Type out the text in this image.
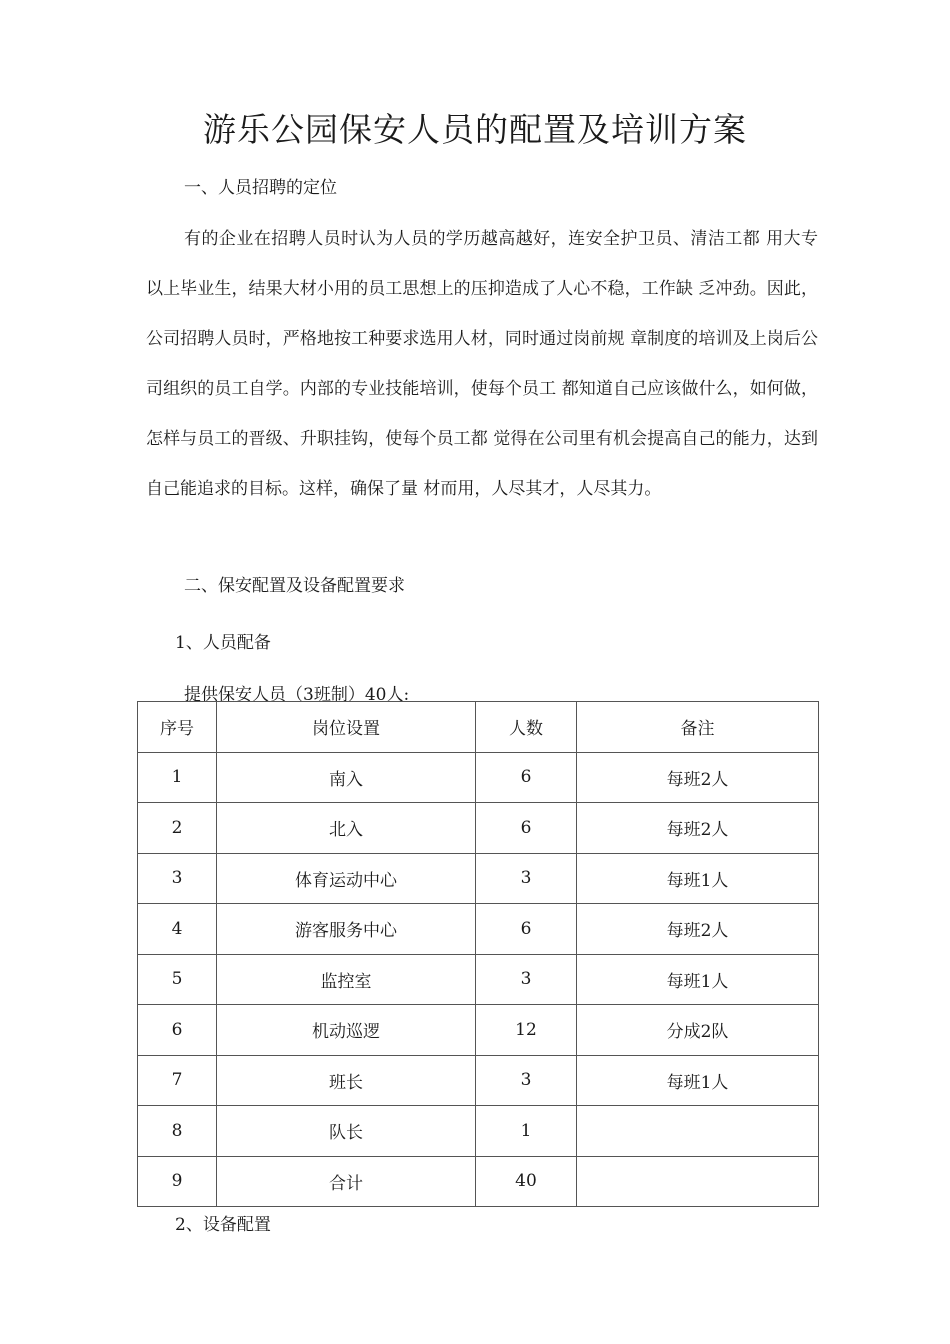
游乐公园保安人员的配置及培训方案
一、人员招聘的定位

有的企业在招聘人员时认为人员的学历越高越好，连安全护卫员、清洁工都 用大专以上毕业生，结果大材小用的员工思想上的压抑造成了人心不稳，工作缺 乏冲劲。因此，公司招聘人员时，严格地按工种要求选用人材，同时通过岗前规 章制度的培训及上岗后公司组织的员工自学。内部的专业技能培训，使每个员工 都知道自己应该做什么，如何做，怎样与员工的晋级、升职挂钩，使每个员工都 觉得在公司里有机会提高自己的能力，达到自己能追求的目标。这样，确保了量 材而用，人尽其才，人尽其力。

二、保安配置及设备配置要求
1、人员配备
提供保安人员（3班制）40人:
序号	岗位设置	人数	备注
1	南入	6	每班2人
2	北入	6	每班2人
3	体育运动中心	3	每班1人
4	游客服务中心	6	每班2人
5	监控室	3	每班1人
6	机动巡逻	12	分成2队
7	班长	3	每班1人
8	队长	1	
9	合计	40	
2、设备配置
